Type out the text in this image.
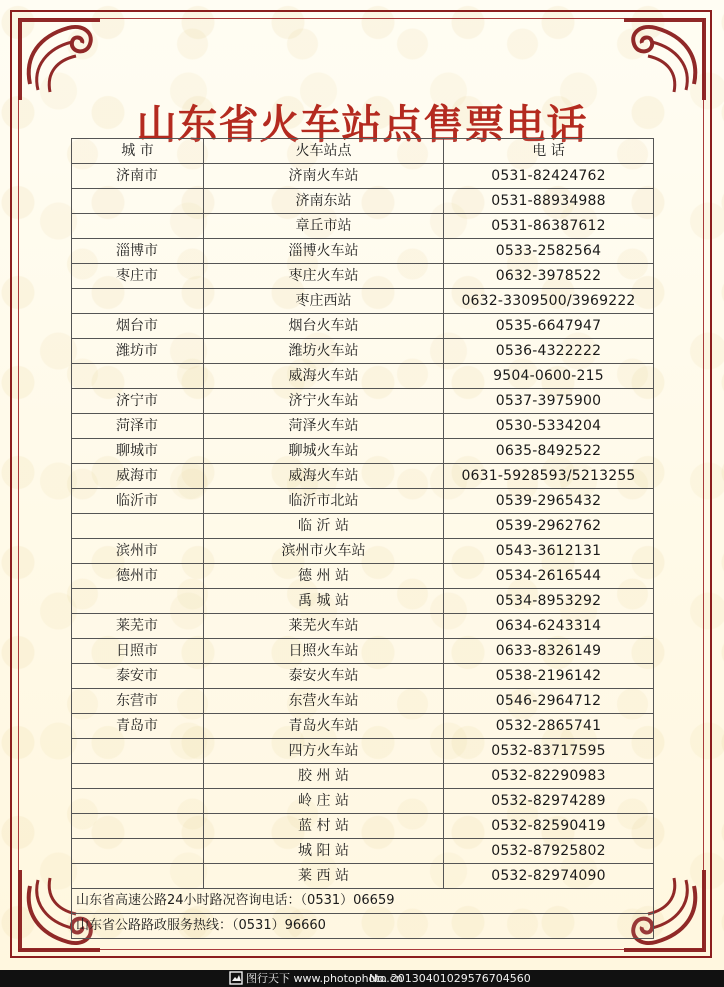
山东省火车站点售票电话
城 市	火车站点	电 话
济南市	济南火车站	0531-82424762
	济南东站	0531-88934988
	章丘市站	0531-86387612
淄博市	淄博火车站	0533-2582564
枣庄市	枣庄火车站	0632-3978522
	枣庄西站	0632-3309500/3969222
烟台市	烟台火车站	0535-6647947
潍坊市	潍坊火车站	0536-4322222
	威海火车站	9504-0600-215
济宁市	济宁火车站	0537-3975900
菏泽市	菏泽火车站	0530-5334204
聊城市	聊城火车站	0635-8492522
威海市	威海火车站	0631-5928593/5213255
临沂市	临沂市北站	0539-2965432
	临 沂 站	0539-2962762
滨州市	滨州市火车站	0543-3612131
德州市	德 州 站	0534-2616544
	禹 城 站	0534-8953292
莱芜市	莱芜火车站	0634-6243314
日照市	日照火车站	0633-8326149
泰安市	泰安火车站	0538-2196142
东营市	东营火车站	0546-2964712
青岛市	青岛火车站	0532-2865741
	四方火车站	0532-83717595
	胶 州 站	0532-82290983
	岭 庄 站	0532-82974289
	蓝 村 站	0532-82590419
	城 阳 站	0532-87925802
	莱 西 站	0532-82974090
山东省高速公路24小时路况咨询电话：（0531）06659		
山东省公路路政服务热线：（0531）96660		
图行天下 www.photophoto.cn
No. 20130401029576704560
